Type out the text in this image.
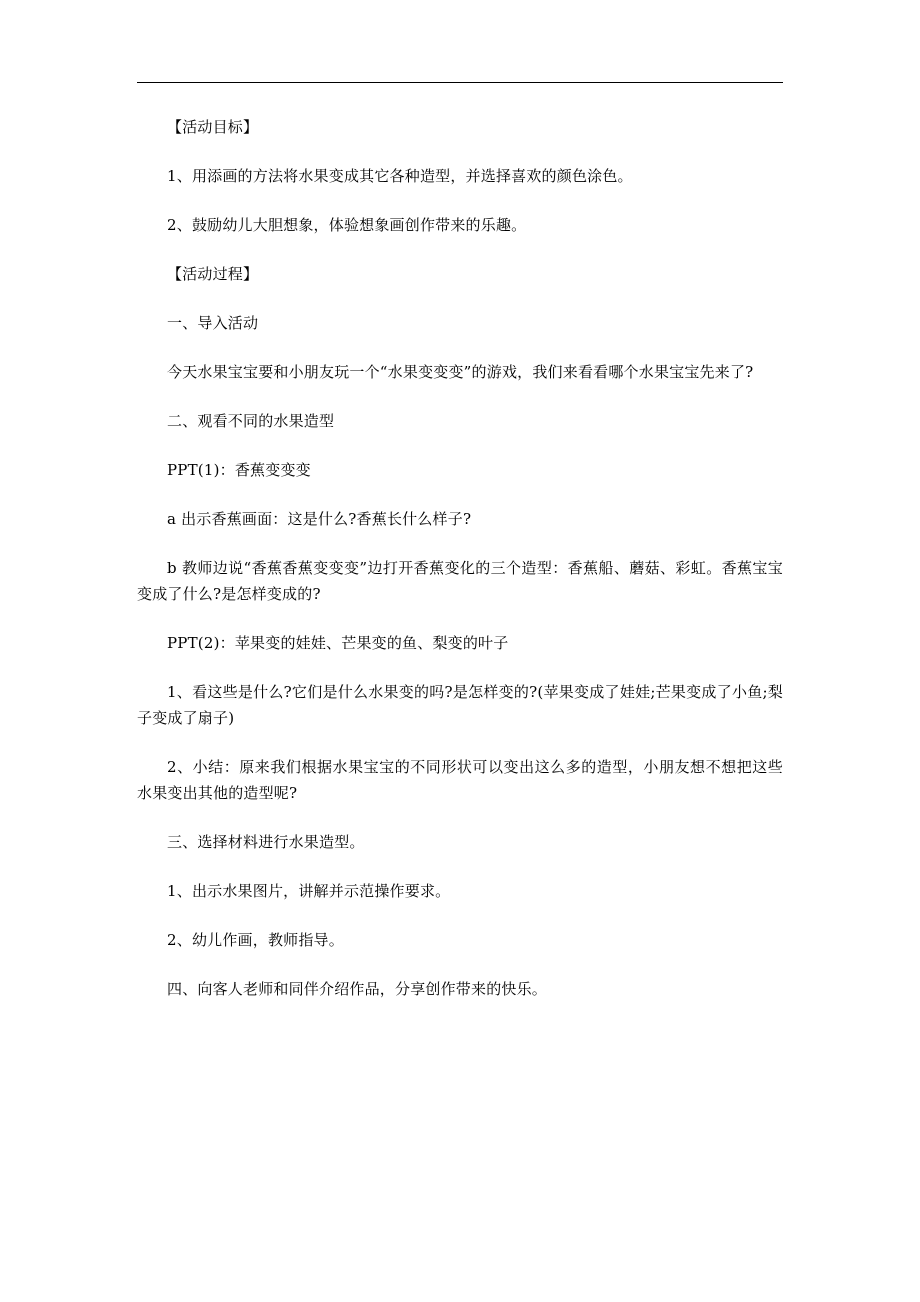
【活动目标】

1、用添画的方法将水果变成其它各种造型，并选择喜欢的颜色涂色。

2、鼓励幼儿大胆想象，体验想象画创作带来的乐趣。

【活动过程】

一、导入活动

今天水果宝宝要和小朋友玩一个“水果变变变”的游戏，我们来看看哪个水果宝宝先来了?

二、观看不同的水果造型

PPT(1)：香蕉变变变

a 出示香蕉画面：这是什么?香蕉长什么样子?

b 教师边说“香蕉香蕉变变变”边打开香蕉变化的三个造型：香蕉船、蘑菇、彩虹。香蕉宝宝变成了什么?是怎样变成的?

PPT(2)：苹果变的娃娃、芒果变的鱼、梨变的叶子

1、看这些是什么?它们是什么水果变的吗?是怎样变的?(苹果变成了娃娃;芒果变成了小鱼;梨子变成了扇子)

2、小结：原来我们根据水果宝宝的不同形状可以变出这么多的造型，小朋友想不想把这些水果变出其他的造型呢?

三、选择材料进行水果造型。

1、出示水果图片，讲解并示范操作要求。

2、幼儿作画，教师指导。

四、向客人老师和同伴介绍作品，分享创作带来的快乐。
